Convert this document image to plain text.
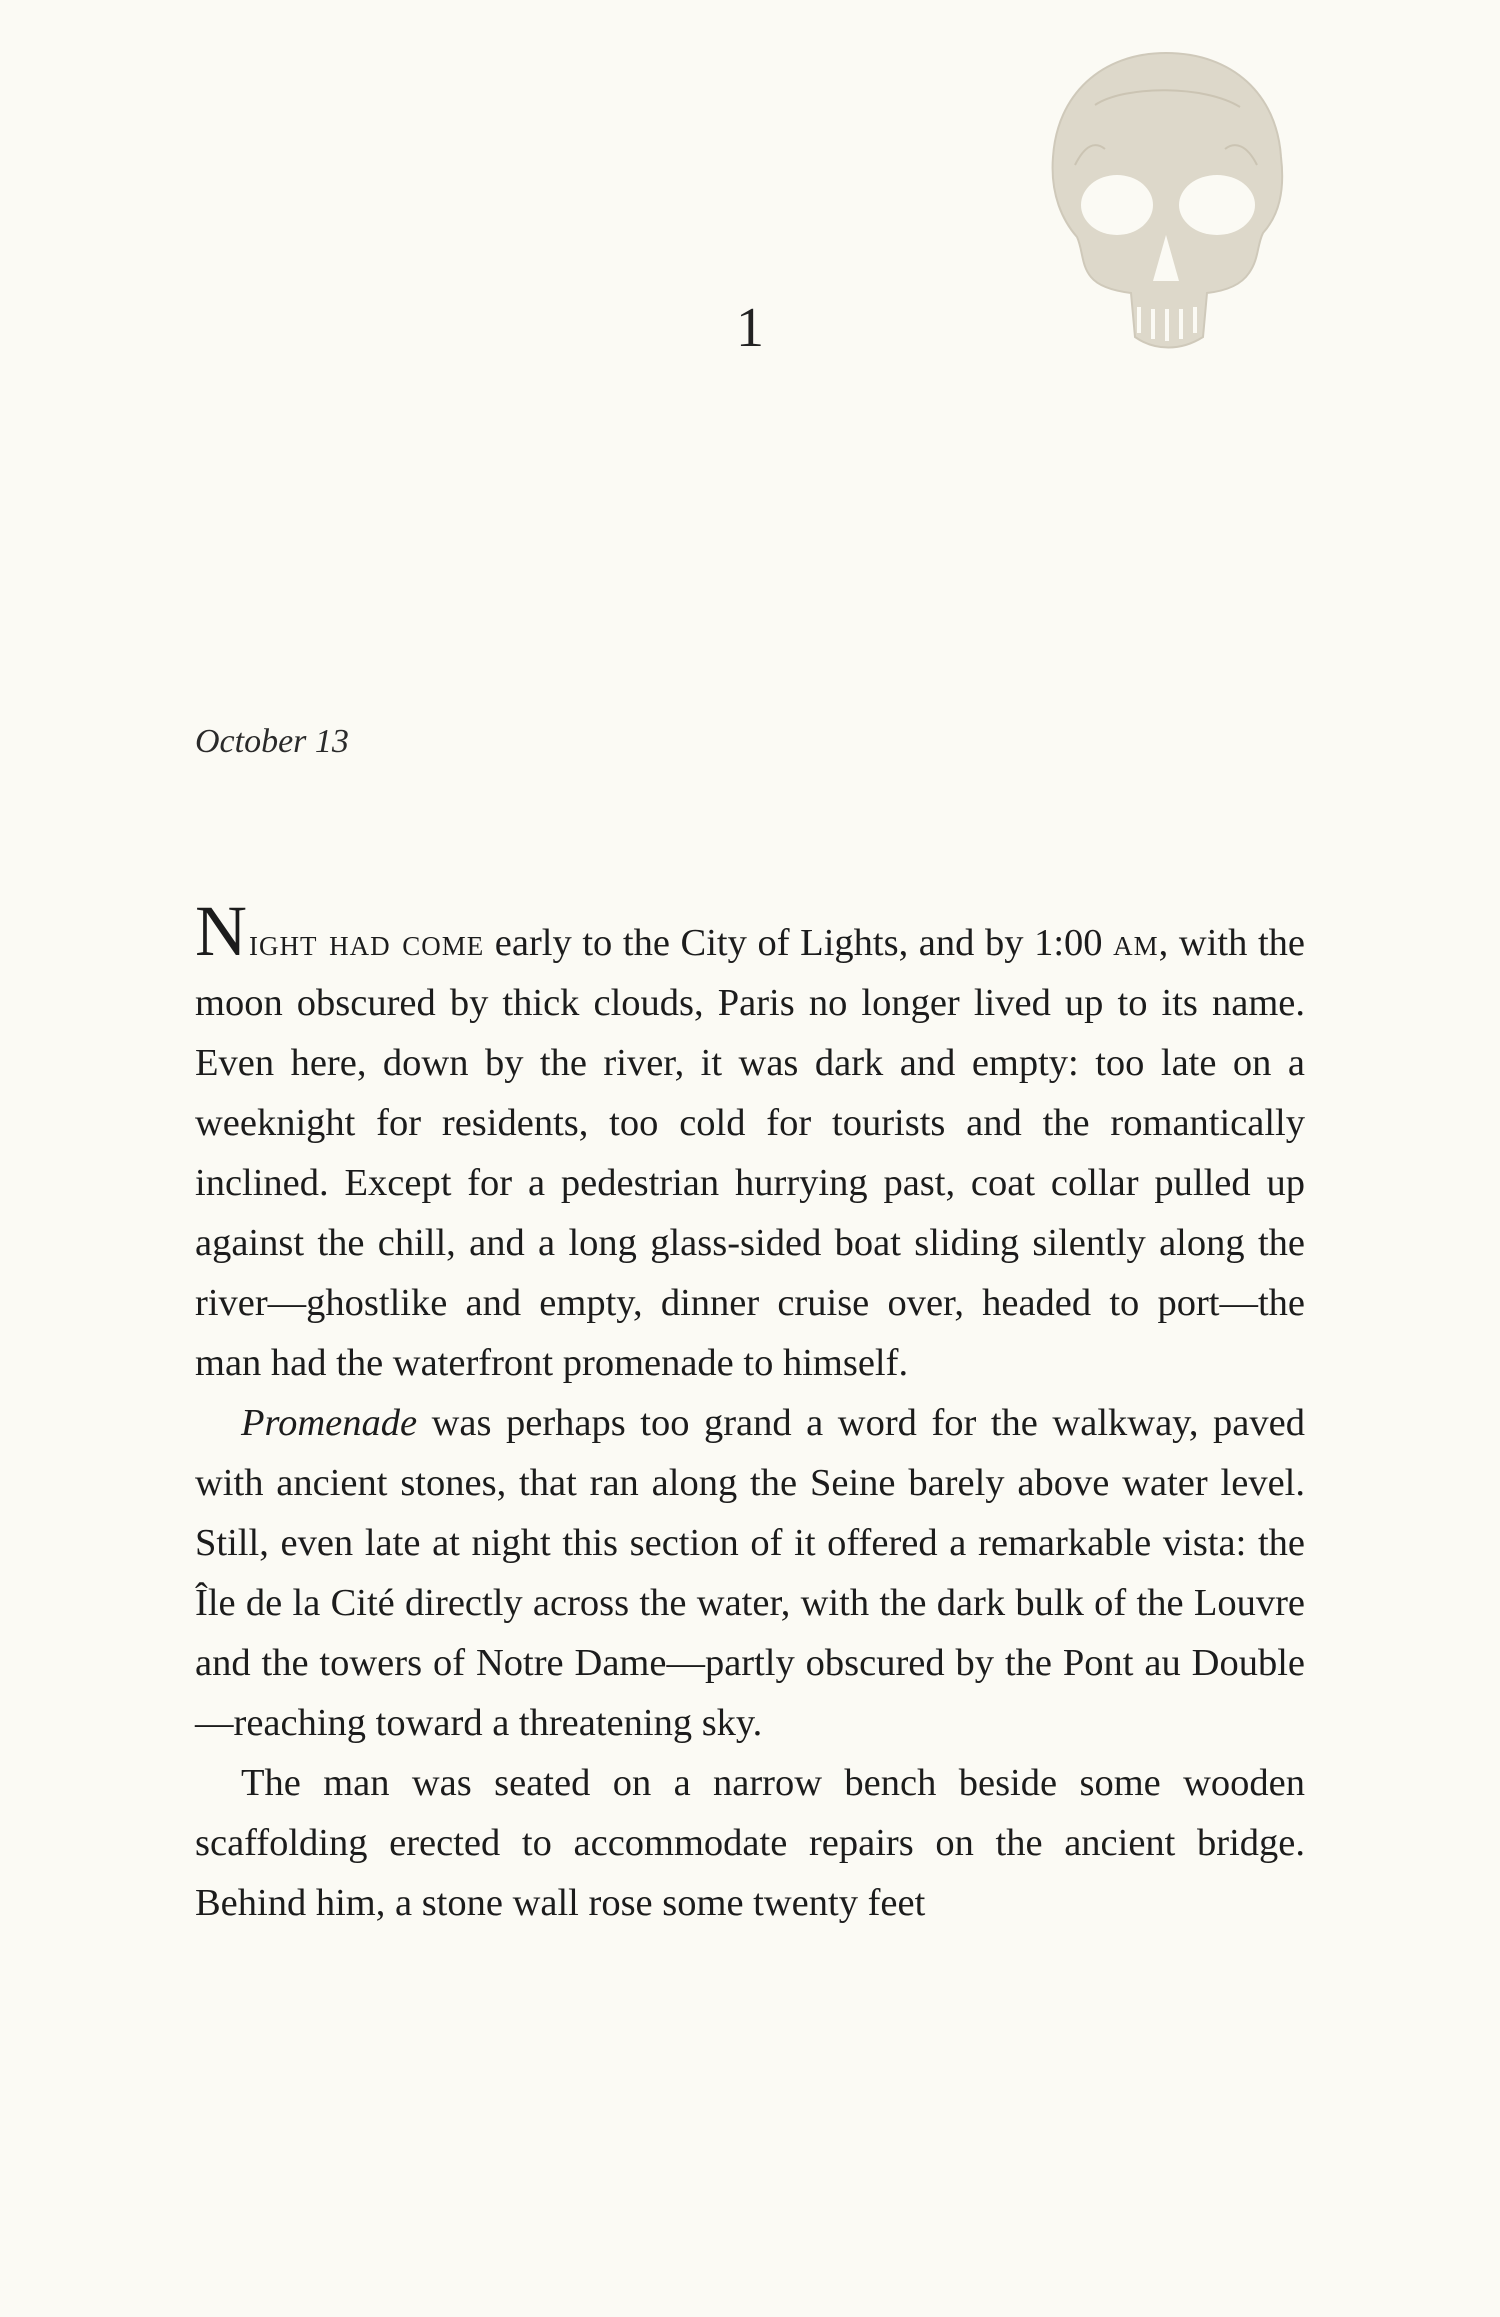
1
October 13

Night had come early to the City of Lights, and by 1:00 am, with the moon obscured by thick clouds, Paris no longer lived up to its name. Even here, down by the river, it was dark and empty: too late on a weeknight for residents, too cold for tourists and the romantically inclined. Except for a pedestrian hurrying past, coat collar pulled up against the chill, and a long glass-sided boat sliding silently along the river—ghostlike and empty, dinner cruise over, headed to port—the man had the waterfront promenade to himself.

Promenade was perhaps too grand a word for the walkway, paved with ancient stones, that ran along the Seine barely above water level. Still, even late at night this section of it offered a remarkable vista: the Île de la Cité directly across the water, with the dark bulk of the Louvre and the towers of Notre Dame—partly obscured by the Pont au Double—reaching toward a threatening sky.

The man was seated on a narrow bench beside some wooden scaffolding erected to accommodate repairs on the ancient bridge. Behind him, a stone wall rose some twenty feet
